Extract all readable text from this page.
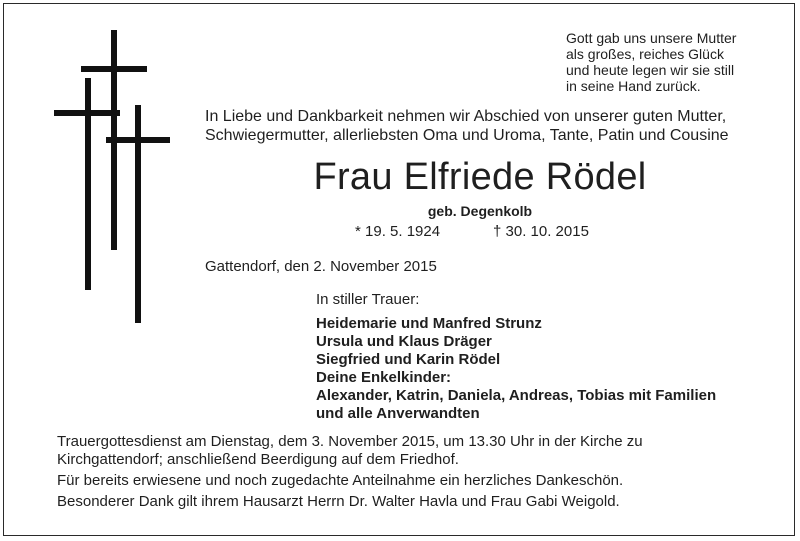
Gott gab uns unsere Mutter
als großes, reiches Glück
und heute legen wir sie still
in seine Hand zurück.
In Liebe und Dankbarkeit nehmen wir Abschied von unserer guten Mutter,
Schwiegermutter, allerliebsten Oma und Uroma, Tante, Patin und Cousine
Frau Elfriede Rödel
geb. Degenkolb
* 19. 5. 1924	† 30. 10. 2015
Gattendorf, den 2. November 2015
In stiller Trauer:
Heidemarie und Manfred Strunz
Ursula und Klaus Dräger
Siegfried und Karin Rödel
Deine Enkelkinder:
Alexander, Katrin, Daniela, Andreas, Tobias mit Familien
und alle Anverwandten
Trauergottesdienst am Dienstag, dem 3. November 2015, um 13.30 Uhr in der Kirche zu
Kirchgattendorf; anschließend Beerdigung auf dem Friedhof.
Für bereits erwiesene und noch zugedachte Anteilnahme ein herzliches Dankeschön.
Besonderer Dank gilt ihrem Hausarzt Herrn Dr. Walter Havla und Frau Gabi Weigold.
